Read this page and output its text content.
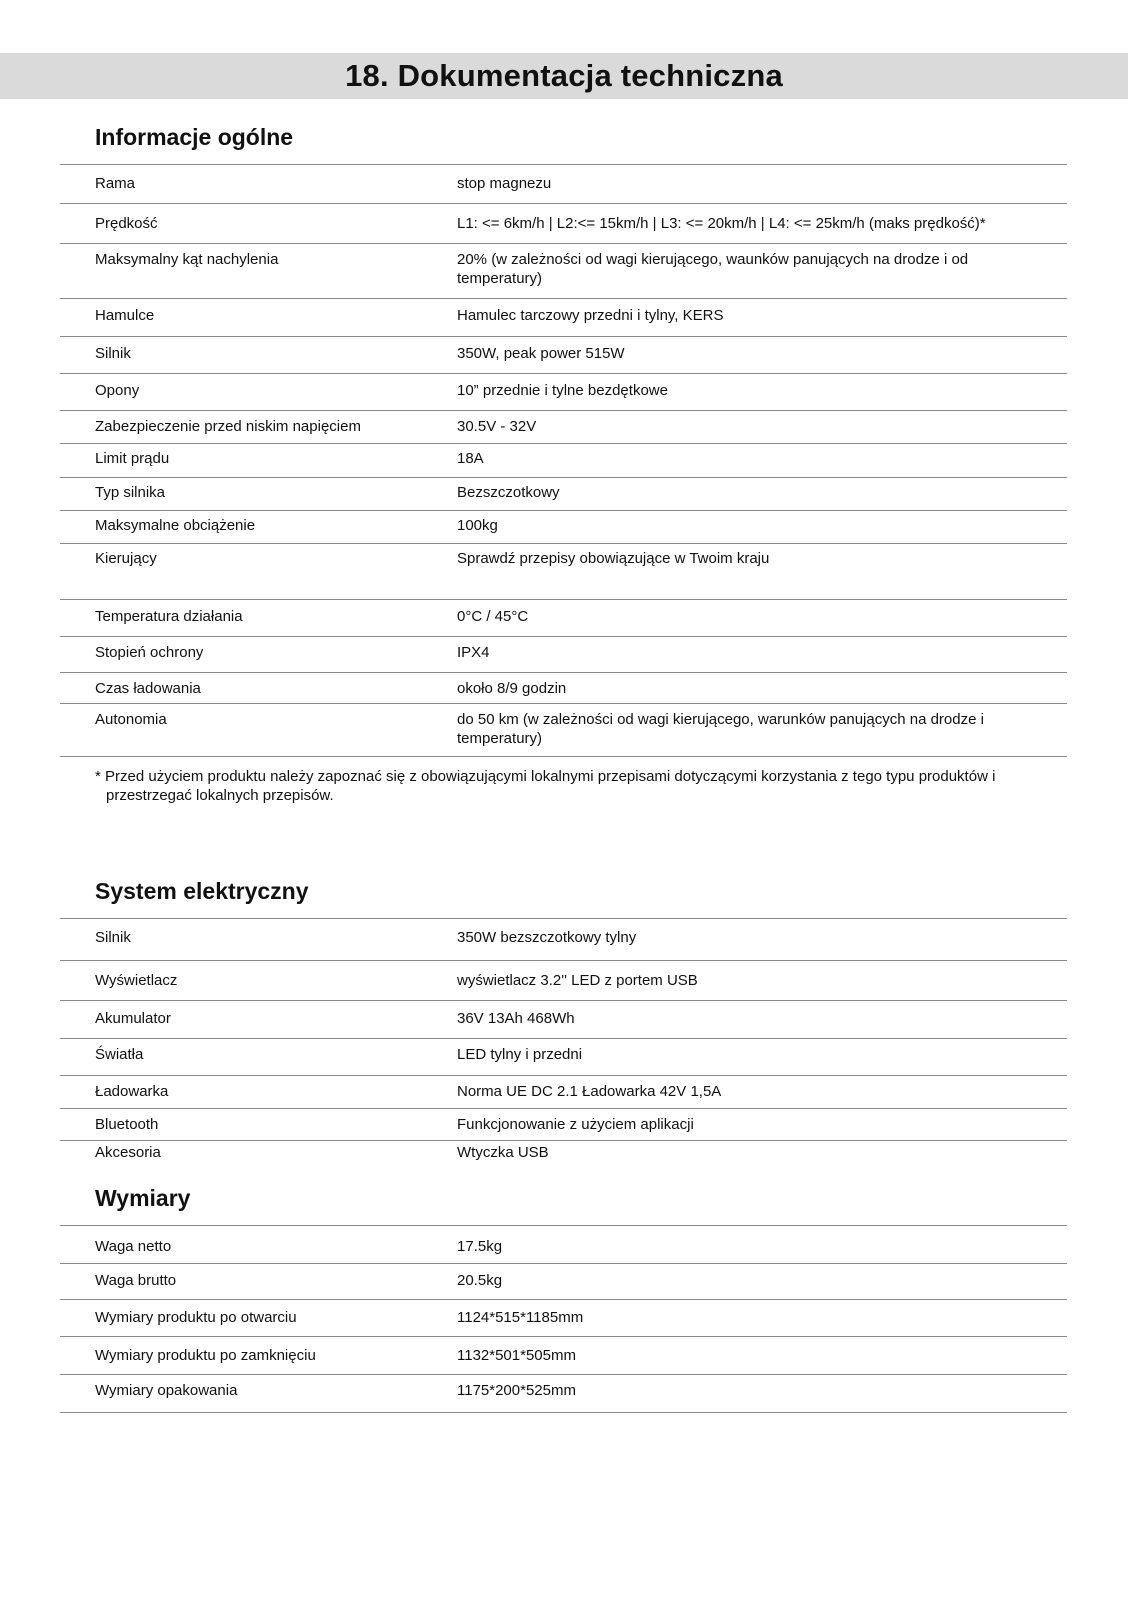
18. Dokumentacja techniczna
Informacje ogólne
Rama	stop magnezu
Prędkość	L1: <= 6km/h | L2:<= 15km/h | L3: <= 20km/h | L4: <= 25km/h (maks prędkość)*
Maksymalny kąt nachylenia	20% (w zależności od wagi kierującego, waunków panujących na drodze i od temperatury)
Hamulce	Hamulec tarczowy przedni i tylny, KERS
Silnik	350W, peak power 515W
Opony	10” przednie i tylne bezdętkowe
Zabezpieczenie przed niskim napięciem	30.5V - 32V
Limit prądu	18A
Typ silnika	Bezszczotkowy
Maksymalne obciążenie	100kg
Kierujący	Sprawdź przepisy obowiązujące w Twoim kraju
Temperatura działania	0°C / 45°C
Stopień ochrony	IPX4
Czas ładowania	około 8/9 godzin
Autonomia	do 50 km (w zależności od wagi kierującego, warunków panujących na drodze i temperatury)

* Przed użyciem produktu należy zapoznać się z obowiązującymi lokalnymi przepisami dotyczącymi korzystania z tego typu produktów i przestrzegać lokalnych przepisów.

System elektryczny
Silnik	350W bezszczotkowy tylny
Wyświetlacz	wyświetlacz 3.2'' LED z portem USB
Akumulator	36V 13Ah 468Wh
Światła	LED tylny i przedni
Ładowarka	Norma UE DC 2.1 Ładowarka 42V 1,5A
Bluetooth	Funkcjonowanie z użyciem aplikacji
Akcesoria	Wtyczka USB
Wymiary
Waga netto	17.5kg
Waga brutto	20.5kg
Wymiary produktu po otwarciu	1124*515*1185mm
Wymiary produktu po zamknięciu	1132*501*505mm
Wymiary opakowania	1175*200*525mm
